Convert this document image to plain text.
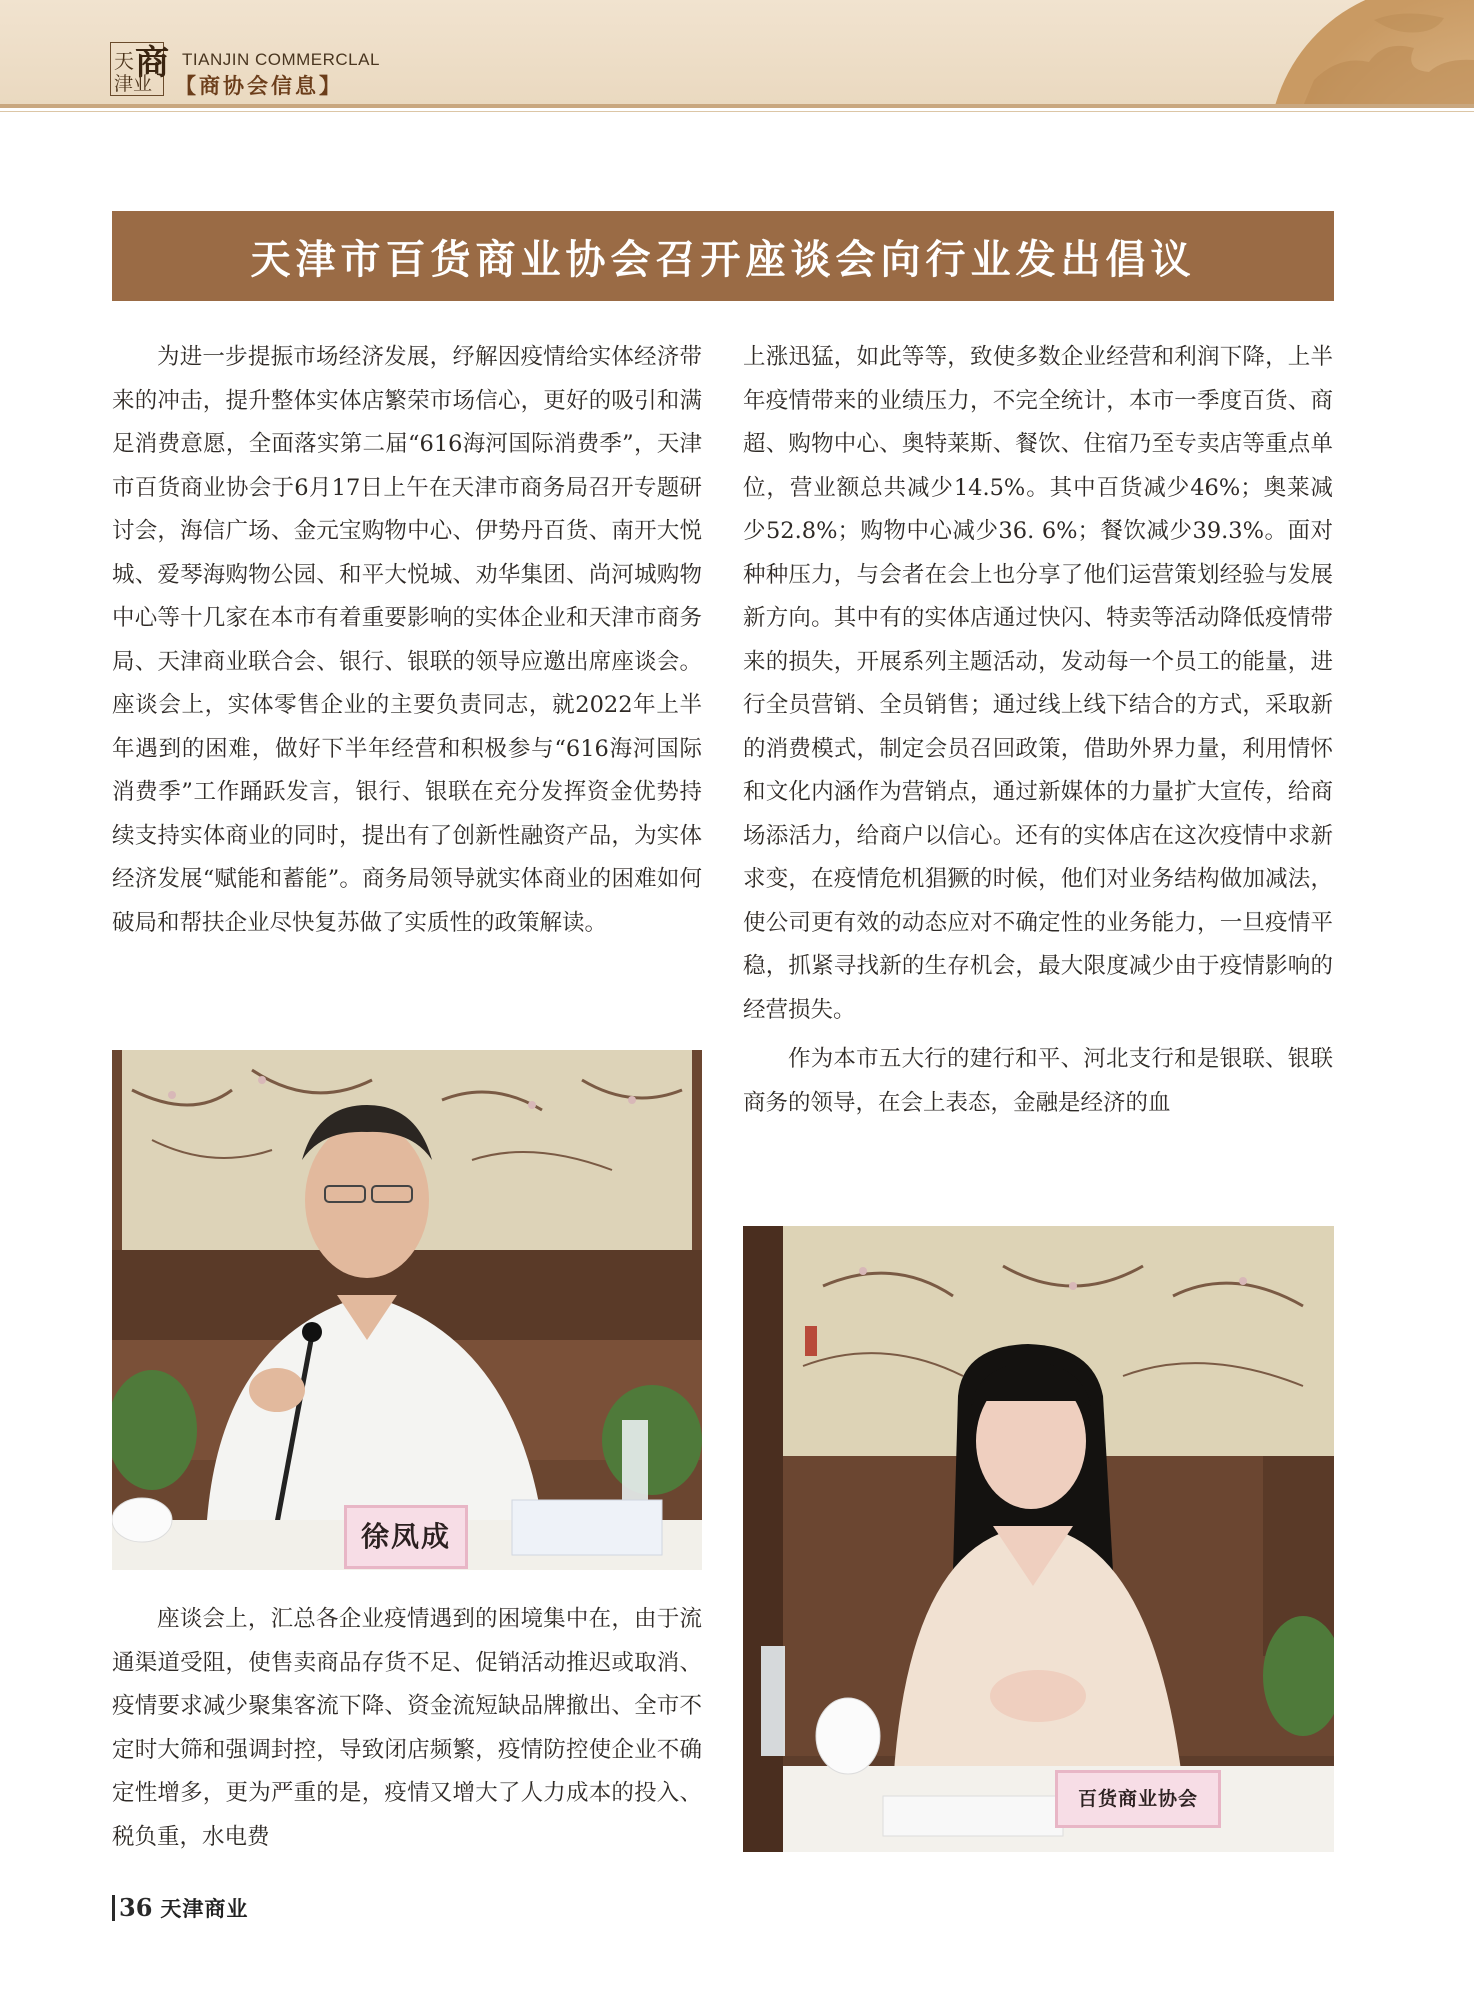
天 商
津业
TIANJIN COMMERCLAL
【商协会信息】
天津市百货商业协会召开座谈会向行业发出倡议

为进一步提振市场经济发展，纾解因疫情给实体经济带来的冲击，提升整体实体店繁荣市场信心，更好的吸引和满足消费意愿，全面落实第二届“616海河国际消费季”，天津市百货商业协会于6月17日上午在天津市商务局召开专题研讨会，海信广场、金元宝购物中心、伊势丹百货、南开大悦城、爱琴海购物公园、和平大悦城、劝华集团、尚河城购物中心等十几家在本市有着重要影响的实体企业和天津市商务局、天津商业联合会、银行、银联的领导应邀出席座谈会。座谈会上，实体零售企业的主要负责同志，就2022年上半年遇到的困难，做好下半年经营和积极参与“616海河国际消费季”工作踊跃发言，银行、银联在充分发挥资金优势持续支持实体商业的同时，提出有了创新性融资产品，为实体经济发展“赋能和蓄能”。商务局领导就实体商业的困难如何破局和帮扶企业尽快复苏做了实质性的政策解读。

徐凤成

座谈会上，汇总各企业疫情遇到的困境集中在，由于流通渠道受阻，使售卖商品存货不足、促销活动推迟或取消、疫情要求减少聚集客流下降、资金流短缺品牌撤出、全市不定时大筛和强调封控，导致闭店频繁，疫情防控使企业不确定性增多，更为严重的是，疫情又增大了人力成本的投入、税负重，水电费

上涨迅猛，如此等等，致使多数企业经营和利润下降，上半年疫情带来的业绩压力，不完全统计，本市一季度百货、商超、购物中心、奥特莱斯、餐饮、住宿乃至专卖店等重点单位，营业额总共减少14.5%。其中百货减少46%；奥莱减少52.8%；购物中心减少36. 6%；餐饮减少39.3%。面对种种压力，与会者在会上也分享了他们运营策划经验与发展新方向。其中有的实体店通过快闪、特卖等活动降低疫情带来的损失，开展系列主题活动，发动每一个员工的能量，进行全员营销、全员销售；通过线上线下结合的方式，采取新的消费模式，制定会员召回政策，借助外界力量，利用情怀和文化内涵作为营销点，通过新媒体的力量扩大宣传，给商场添活力，给商户以信心。还有的实体店在这次疫情中求新求变，在疫情危机猖獗的时候，他们对业务结构做加减法，使公司更有效的动态应对不确定性的业务能力，一旦疫情平稳，抓紧寻找新的生存机会，最大限度减少由于疫情影响的经营损失。

作为本市五大行的建行和平、河北支行和是银联、银联商务的领导，在会上表态，金融是经济的血

百货商业协会
36 天津商业
